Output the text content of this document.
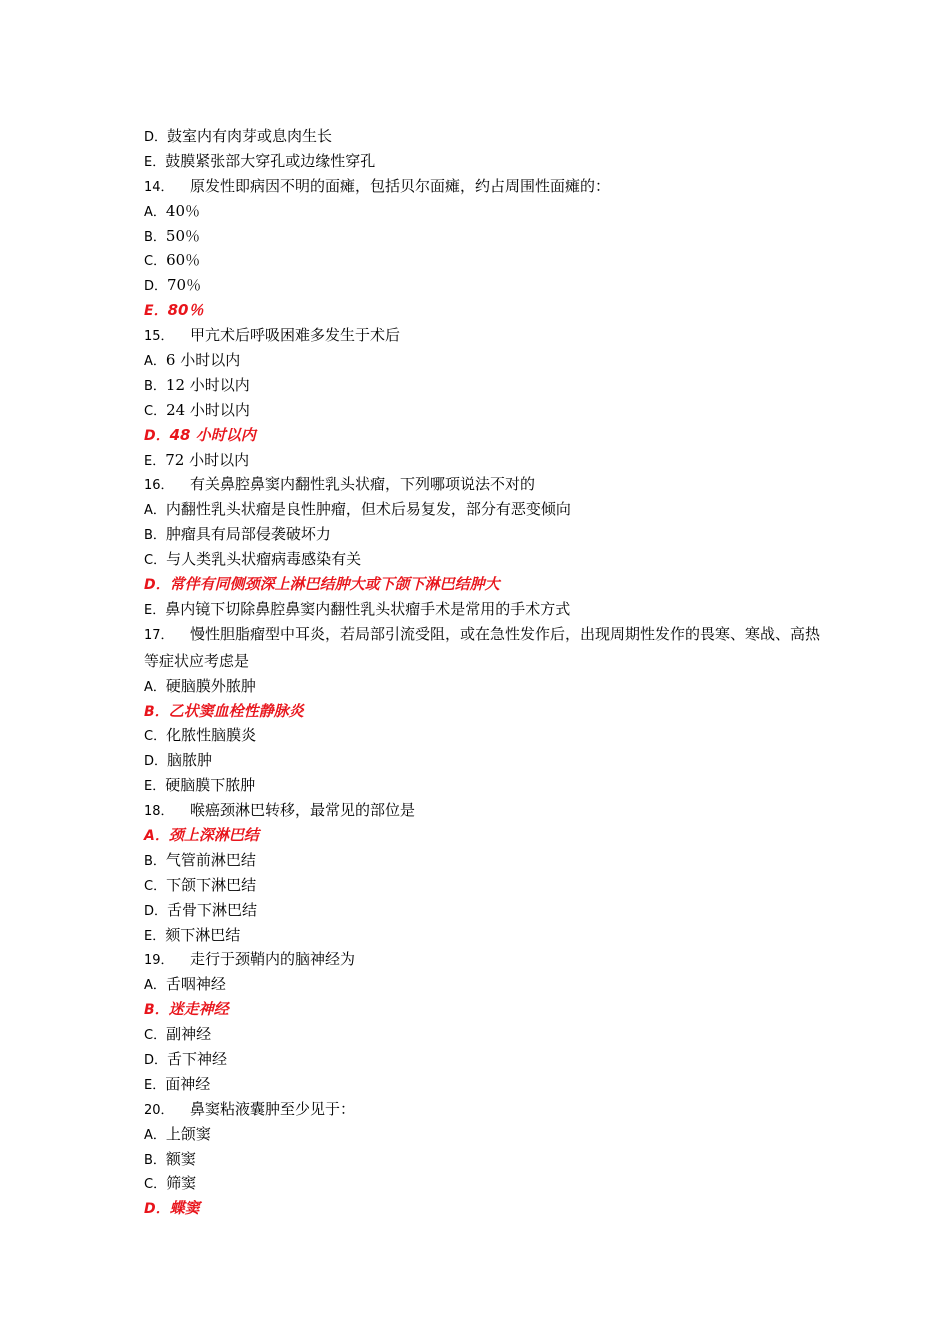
D．鼓室内有肉芽或息肉生长
E．鼓膜紧张部大穿孔或边缘性穿孔
14． 原发性即病因不明的面瘫，包括贝尔面瘫，约占周围性面瘫的：
A．40％
B．50％
C．60％
D．70％
E．80％
15． 甲亢术后呼吸困难多发生于术后
A．6 小时以内
B．12 小时以内
C．24 小时以内
D．48 小时以内
E．72 小时以内
16． 有关鼻腔鼻窦内翻性乳头状瘤，下列哪项说法不对的
A．内翻性乳头状瘤是良性肿瘤，但术后易复发，部分有恶变倾向
B．肿瘤具有局部侵袭破坏力
C．与人类乳头状瘤病毒感染有关
D．常伴有同侧颈深上淋巴结肿大或下颌下淋巴结肿大
E．鼻内镜下切除鼻腔鼻窦内翻性乳头状瘤手术是常用的手术方式
17． 慢性胆脂瘤型中耳炎，若局部引流受阻，或在急性发作后，出现周期性发作的畏寒、寒战、高热等症状应考虑是
A．硬脑膜外脓肿
B．乙状窦血栓性静脉炎
C．化脓性脑膜炎
D．脑脓肿
E．硬脑膜下脓肿
18． 喉癌颈淋巴转移，最常见的部位是
A．颈上深淋巴结
B．气管前淋巴结
C．下颌下淋巴结
D．舌骨下淋巴结
E．颏下淋巴结
19． 走行于颈鞘内的脑神经为
A．舌咽神经
B．迷走神经
C．副神经
D．舌下神经
E．面神经
20． 鼻窦粘液囊肿至少见于：
A．上颌窦
B．额窦
C．筛窦
D．蝶窦
